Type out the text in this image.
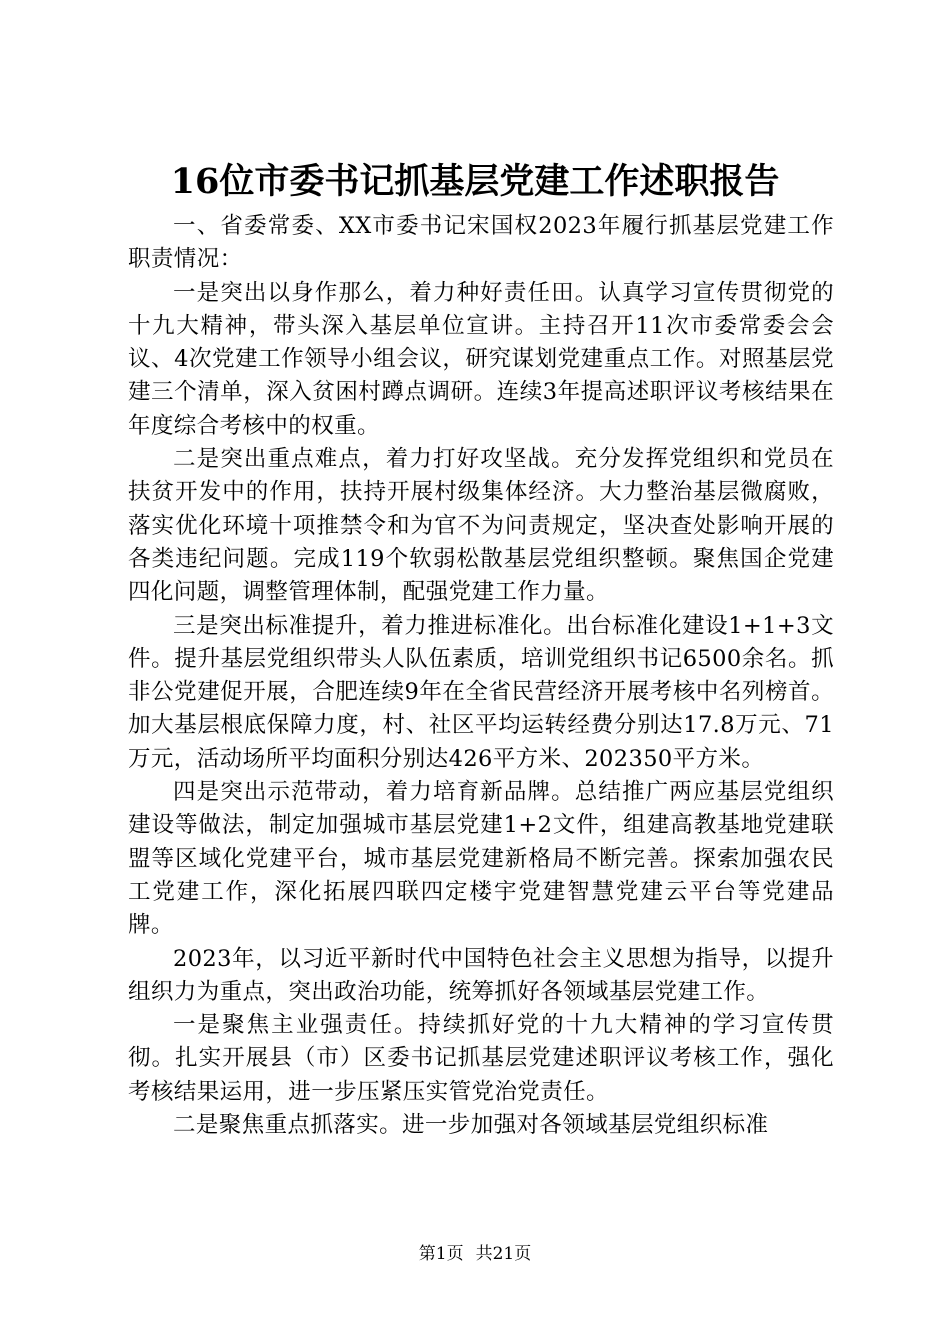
16位市委书记抓基层党建工作述职报告

一、省委常委、XX市委书记宋国权2023年履行抓基层党建工作职责情况：

一是突出以身作那么，着力种好责任田。认真学习宣传贯彻党的十九大精神，带头深入基层单位宣讲。主持召开11次市委常委会会议、4次党建工作领导小组会议，研究谋划党建重点工作。对照基层党建三个清单，深入贫困村蹲点调研。连续3年提高述职评议考核结果在年度综合考核中的权重。

二是突出重点难点，着力打好攻坚战。充分发挥党组织和党员在扶贫开发中的作用，扶持开展村级集体经济。大力整治基层微腐败，落实优化环境十项推禁令和为官不为问责规定，坚决查处影响开展的各类违纪问题。完成119个软弱松散基层党组织整顿。聚焦国企党建四化问题，调整管理体制，配强党建工作力量。

三是突出标准提升，着力推进标准化。出台标准化建设1+1+3文件。提升基层党组织带头人队伍素质，培训党组织书记6500余名。抓非公党建促开展，合肥连续9年在全省民营经济开展考核中名列榜首。加大基层根底保障力度，村、社区平均运转经费分别达17.8万元、71万元，活动场所平均面积分别达426平方米、202350平方米。

四是突出示范带动，着力培育新品牌。总结推广两应基层党组织建设等做法，制定加强城市基层党建1+2文件，组建高教基地党建联盟等区域化党建平台，城市基层党建新格局不断完善。探索加强农民工党建工作，深化拓展四联四定楼宇党建智慧党建云平台等党建品牌。

2023年，以习近平新时代中国特色社会主义思想为指导，以提升组织力为重点，突出政治功能，统筹抓好各领域基层党建工作。

一是聚焦主业强责任。持续抓好党的十九大精神的学习宣传贯彻。扎实开展县（市）区委书记抓基层党建述职评议考核工作，强化考核结果运用，进一步压紧压实管党治党责任。

二是聚焦重点抓落实。进一步加强对各领域基层党组织标准

第1页 共21页
